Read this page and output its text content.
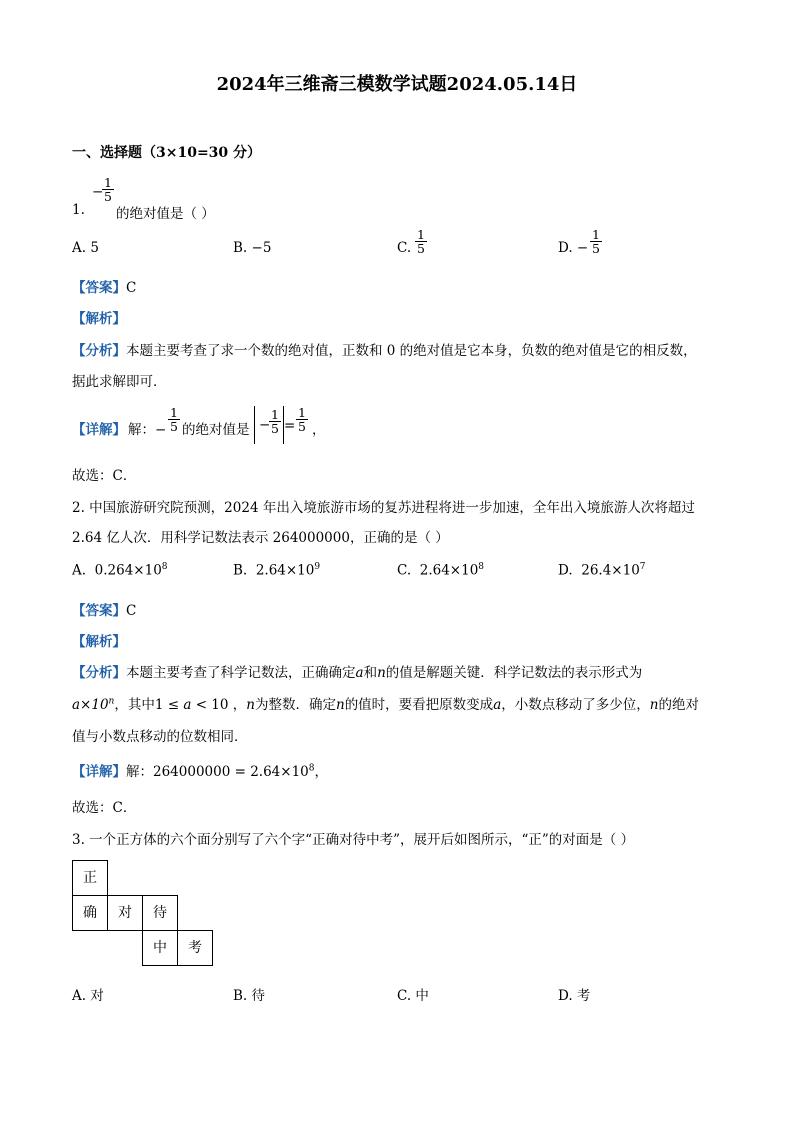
2024年三维斋三模数学试题2024.05.14日
一、选择题（3×10=30 分）
1.
−
$\frac{1}{5}$
的绝对值是（ ）
A. 5	B. −5	C. $\frac{1}{5}$	D. − $\frac{1}{5}$
【答案】C
【解析】
【分析】本题主要考查了求一个数的绝对值，正数和 0 的绝对值是它本身，负数的绝对值是它的相反数，
据此求解即可．
【详解】 解：− $\frac{1}{5}$ 的绝对值是 −
$\frac{1}{5} = \frac{1}{5}$ ，
故选：C．
2. 中国旅游研究院预测，2024 年出入境旅游市场的复苏进程将进一步加速，全年出入境旅游人次将超过
2.64 亿人次．用科学记数法表示 264000000，正确的是（ ）
A. $0.264\times 10^8$	B. $2.64\times 10^9$	C. $2.64\times 10^8$	D. $26.4\times 10^7$
【答案】C
【解析】
【分析】本题主要考查了科学记数法，正确确定a和n的值是解题关键．科学记数法的表示形式为
$a\times 10^n$，其中1 ≤ a < 10 ，n为整数．确定n的值时，要看把原数变成a，小数点移动了多少位，n的绝对
值与小数点移动的位数相同．
【详解】解：$264000000 = 2.64\times 10^8$，
故选：C．
3. 一个正方体的六个面分别写了六个字“正确对待中考”，展开后如图所示，“正”的对面是（ ）
正
确	对	待
中	考
A. 对	B. 待	C. 中	D. 考
